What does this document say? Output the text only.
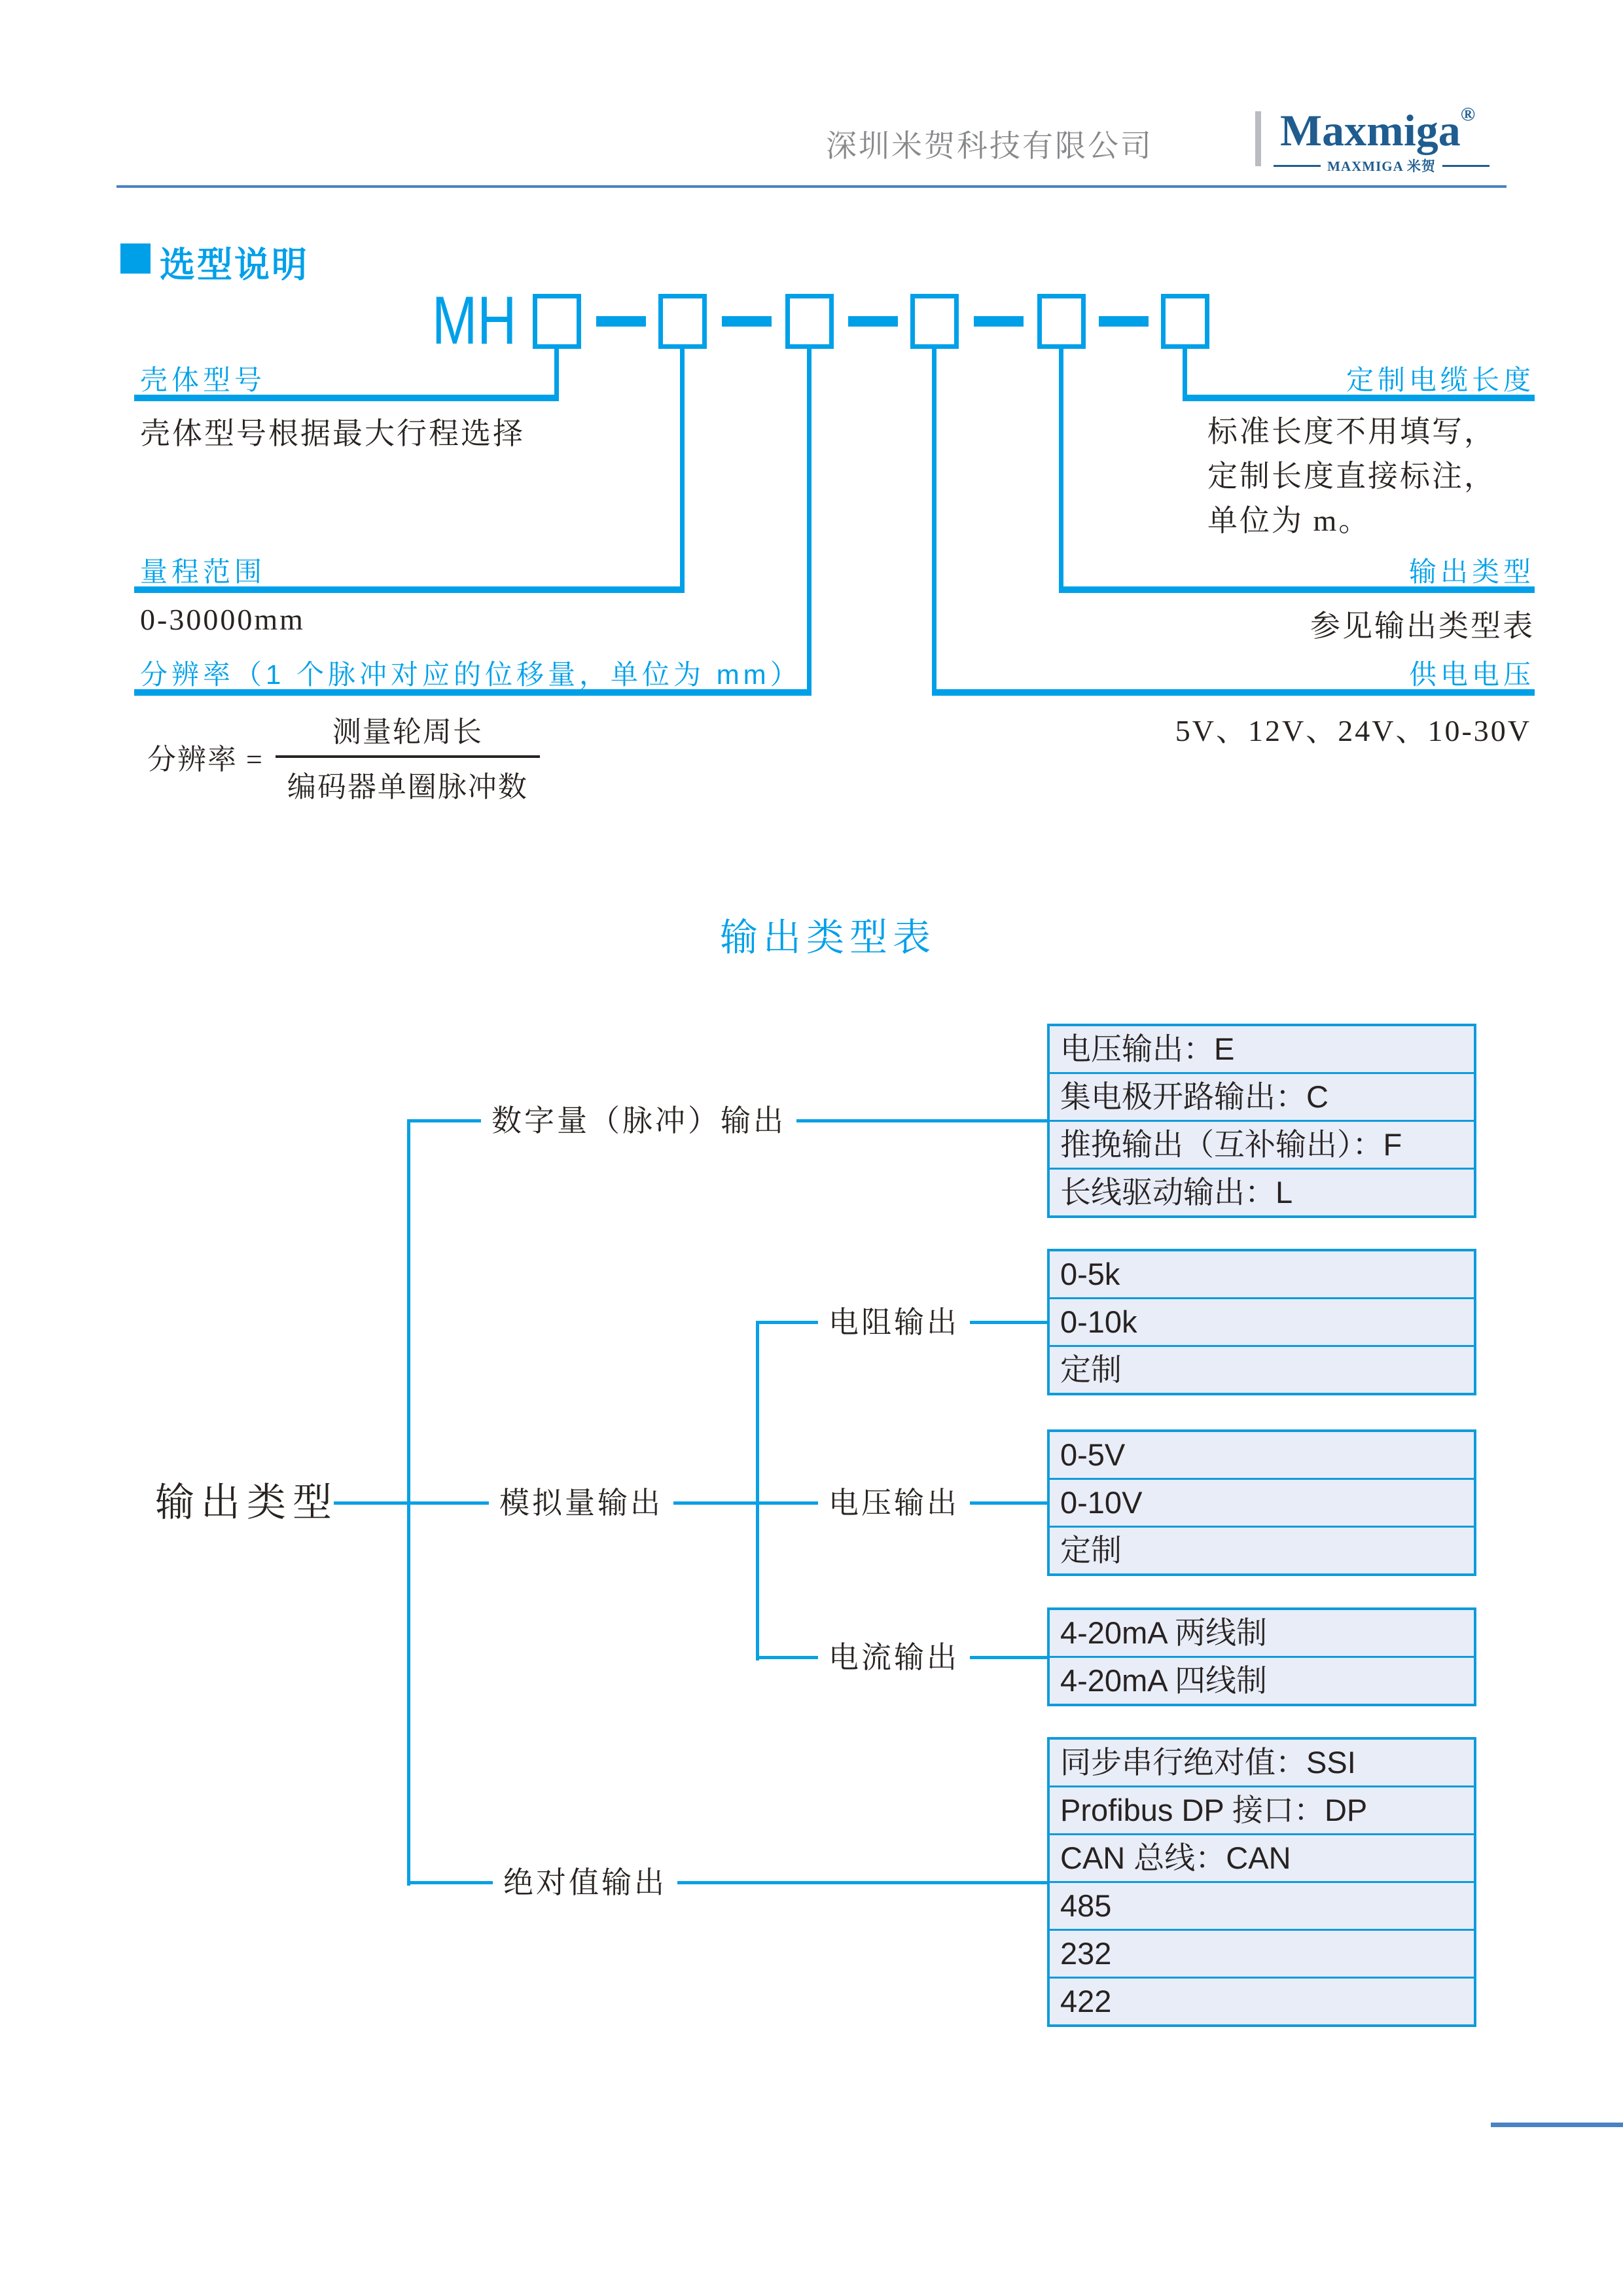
深圳米贺科技有限公司	Maxmiga®
MAXMIGA 米贺
选型说明
MH
壳体型号
壳体型号根据最大行程选择
量程范围
0-30000mm
分辨率（1 个脉冲对应的位移量，单位为 mm）
定制电缆长度
标准长度不用填写，
定制长度直接标注，
单位为 m。
输出类型
参见输出类型表
供电电压
5V、12V、24V、10-30V
分辨率 = $\frac{\text{测量轮周长}}{\text{编码器单圈脉冲数}}$
输出类型表
输出类型
数字量（脉冲）输出
模拟量输出
电阻输出
电压输出
电流输出
绝对值输出
电压输出：E
集电极开路输出：C
推挽输出（互补输出）：F
长线驱动输出：L
0-5k
0-10k
定制
0-5V
0-10V
定制
4-20mA 两线制
4-20mA 四线制
同步串行绝对值：SSI
Profibus DP 接口：DP
CAN 总线：CAN
485
232
422
